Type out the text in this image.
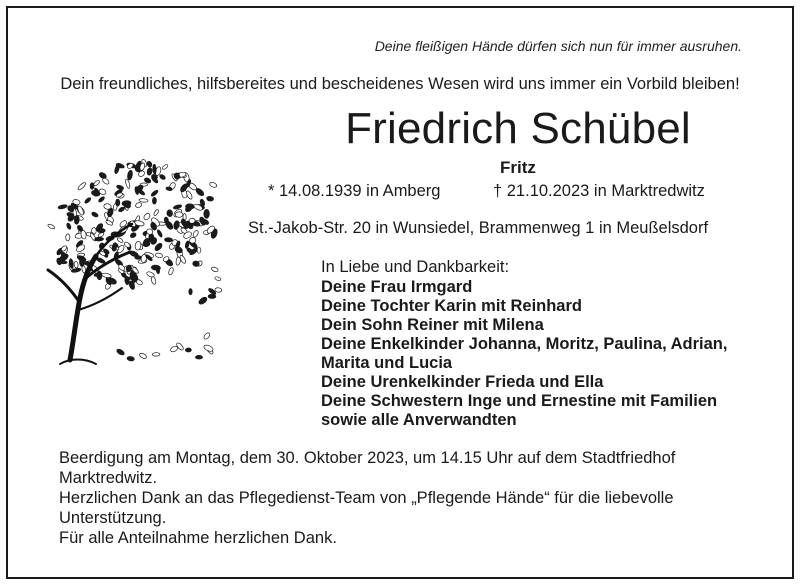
Deine fleißigen Hände dürfen sich nun für immer ausruhen.
Dein freundliches, hilfsbereites und bescheidenes Wesen wird uns immer ein Vorbild bleiben!
Friedrich Schübel
Fritz
* 14.08.1939 in Amberg	† 21.10.2023 in Marktredwitz
St.-Jakob-Str. 20 in Wunsiedel, Brammenweg 1 in Meußelsdorf
In Liebe und Dankbarkeit:
Deine Frau Irmgard
Deine Tochter Karin mit Reinhard
Dein Sohn Reiner mit Milena
Deine Enkelkinder Johanna, Moritz, Paulina, Adrian,
Marita und Lucia
Deine Urenkelkinder Frieda und Ella
Deine Schwestern Inge und Ernestine mit Familien
sowie alle Anverwandten

Beerdigung am Montag, dem 30. Oktober 2023, um 14.15 Uhr auf dem Stadtfriedhof

Marktredwitz.

Herzlichen Dank an das Pflegedienst-Team von „Pflegende Hände“ für die liebevolle

Unterstützung.

Für alle Anteilnahme herzlichen Dank.
